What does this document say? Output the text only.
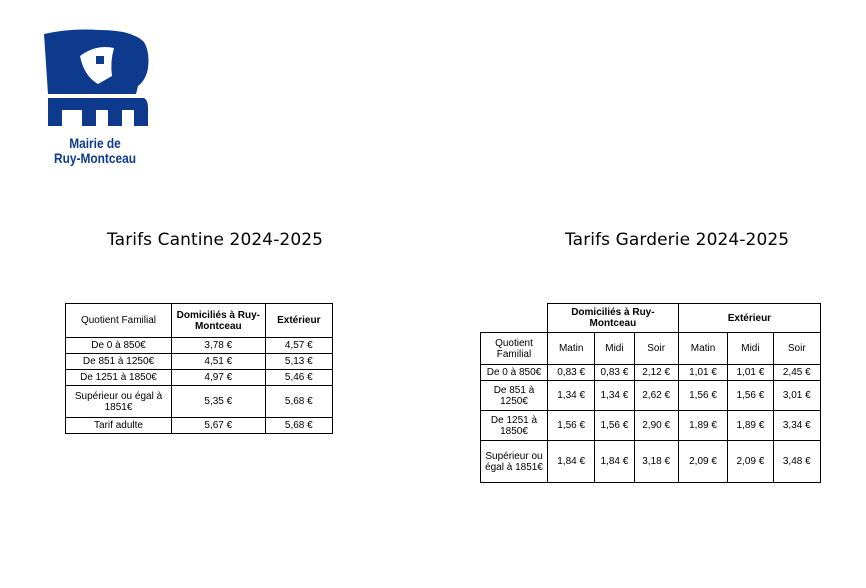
Mairie de
Ruy-Montceau
Tarifs Cantine 2024-2025	Tarifs Garderie 2024-2025
Quotient Familial	Domiciliés à Ruy-Montceau	Extérieur
De 0 à 850€	3,78 €	4,57 €
De 851 à 1250€	4,51 €	5,13 €
De 1251 à 1850€	4,97 €	5,46 €
Supérieur ou égal à 1851€	5,35 €	5,68 €
Tarif adulte	5,67 €	5,68 €
	Domiciliés à Ruy-Montceau			Extérieur		
Quotient Familial	Matin	Midi	Soir	Matin	Midi	Soir
De 0 à 850€	0,83 €	0,83 €	2,12 €	1,01 €	1,01 €	2,45 €
De 851 à 1250€	1,34 €	1,34 €	2,62 €	1,56 €	1,56 €	3,01 €
De 1251 à 1850€	1,56 €	1,56 €	2,90 €	1,89 €	1,89 €	3,34 €
Supérieur ou égal à 1851€	1,84 €	1,84 €	3,18 €	2,09 €	2,09 €	3,48 €
